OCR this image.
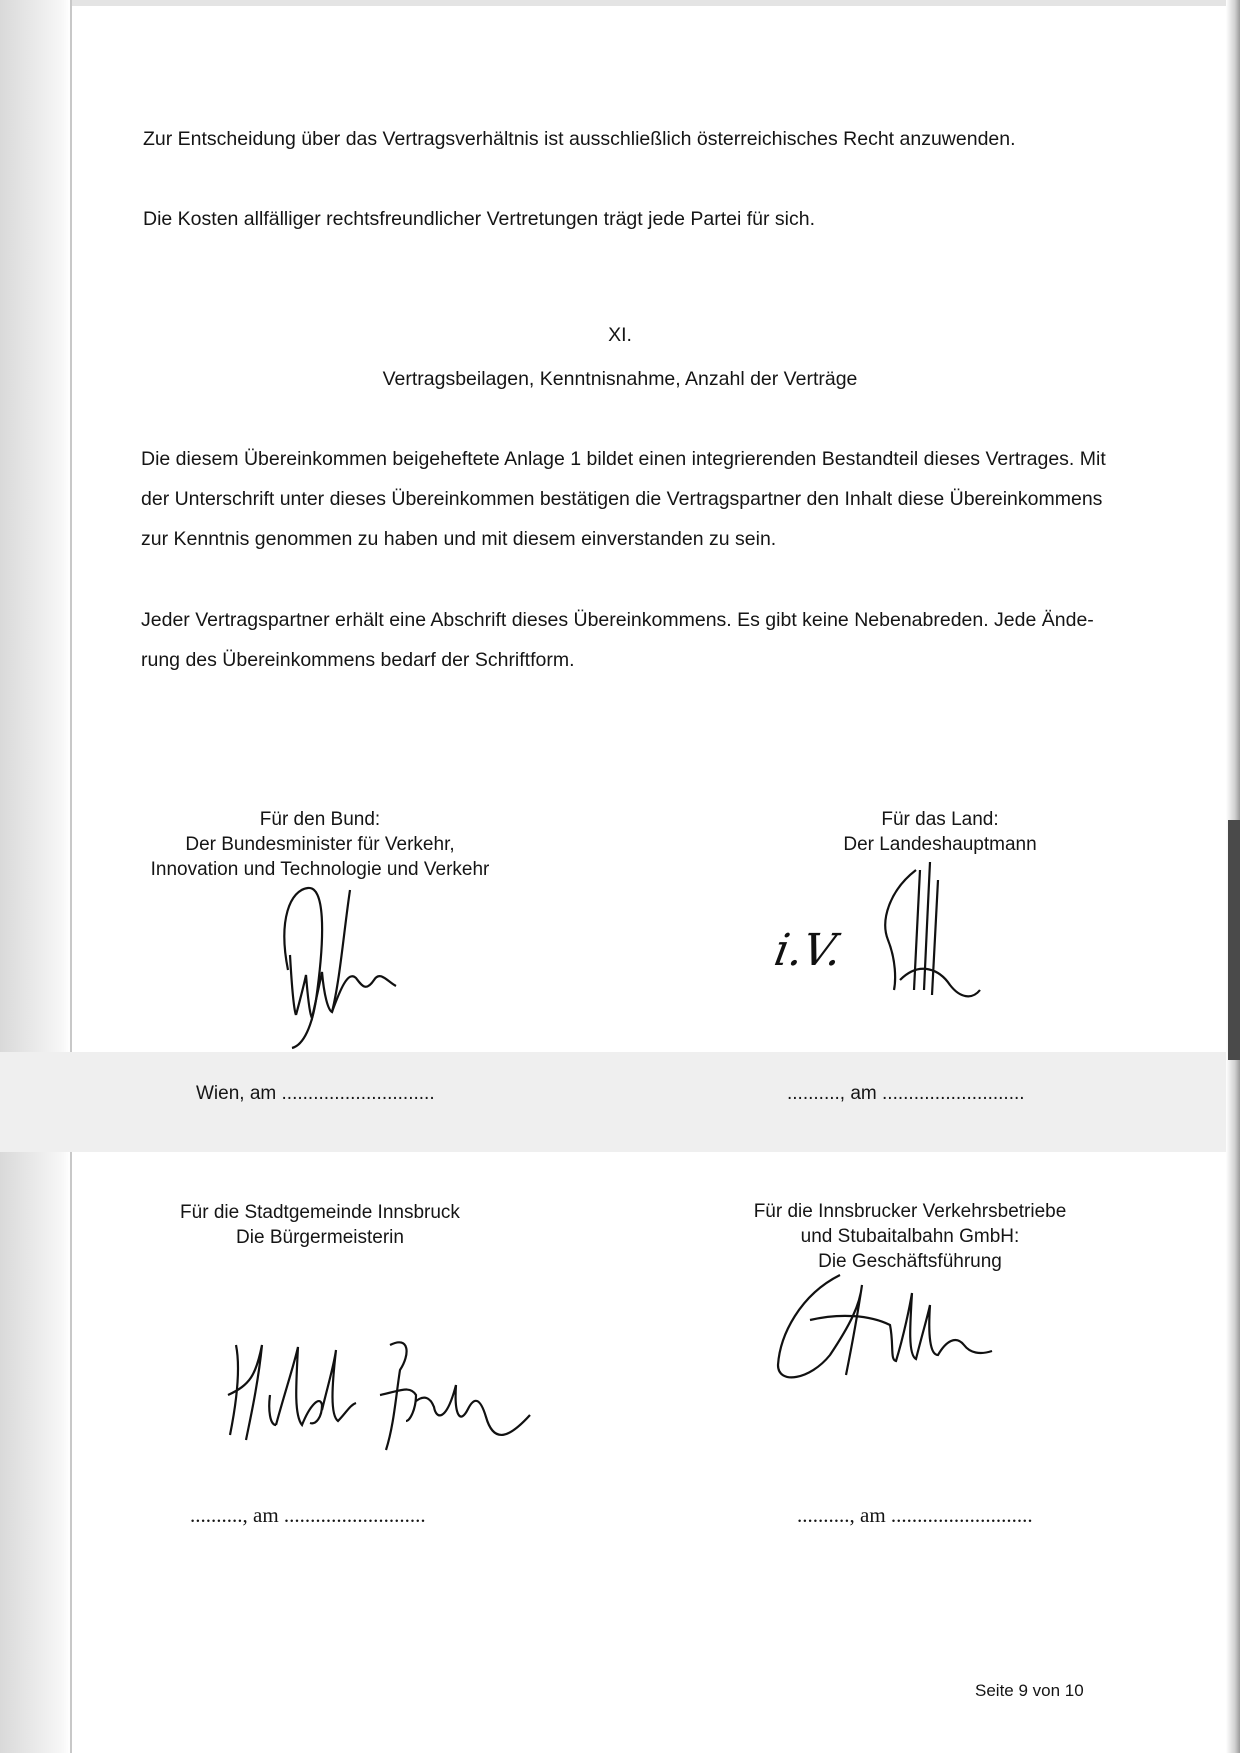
Zur Entscheidung über das Vertragsverhältnis ist ausschließlich österreichisches Recht anzuwenden.
Die Kosten allfälliger rechtsfreundlicher Vertretungen trägt jede Partei für sich.
XI.
Vertragsbeilagen, Kenntnisnahme, Anzahl der Verträge
Die diesem Übereinkommen beigeheftete Anlage 1 bildet einen integrierenden Bestandteil dieses Vertrages. Mit
der Unterschrift unter dieses Übereinkommen bestätigen die Vertragspartner den Inhalt diese Übereinkommens
zur Kenntnis genommen zu haben und mit diesem einverstanden zu sein.
Jeder Vertragspartner erhält eine Abschrift dieses Übereinkommens. Es gibt keine Nebenabreden. Jede Ände-
rung des Übereinkommens bedarf der Schriftform.
Für den Bund:
Der Bundesminister für Verkehr,
Innovation und Technologie und Verkehr
Wien, am .............................
Für das Land:
Der Landeshauptmann
i.V.
.........., am ...........................
Für die Stadtgemeinde Innsbruck
Die Bürgermeisterin
.........., am ...........................
Für die Innsbrucker Verkehrsbetriebe
und Stubaitalbahn GmbH:
Die Geschäftsführung
.........., am ...........................
Seite 9 von 10
